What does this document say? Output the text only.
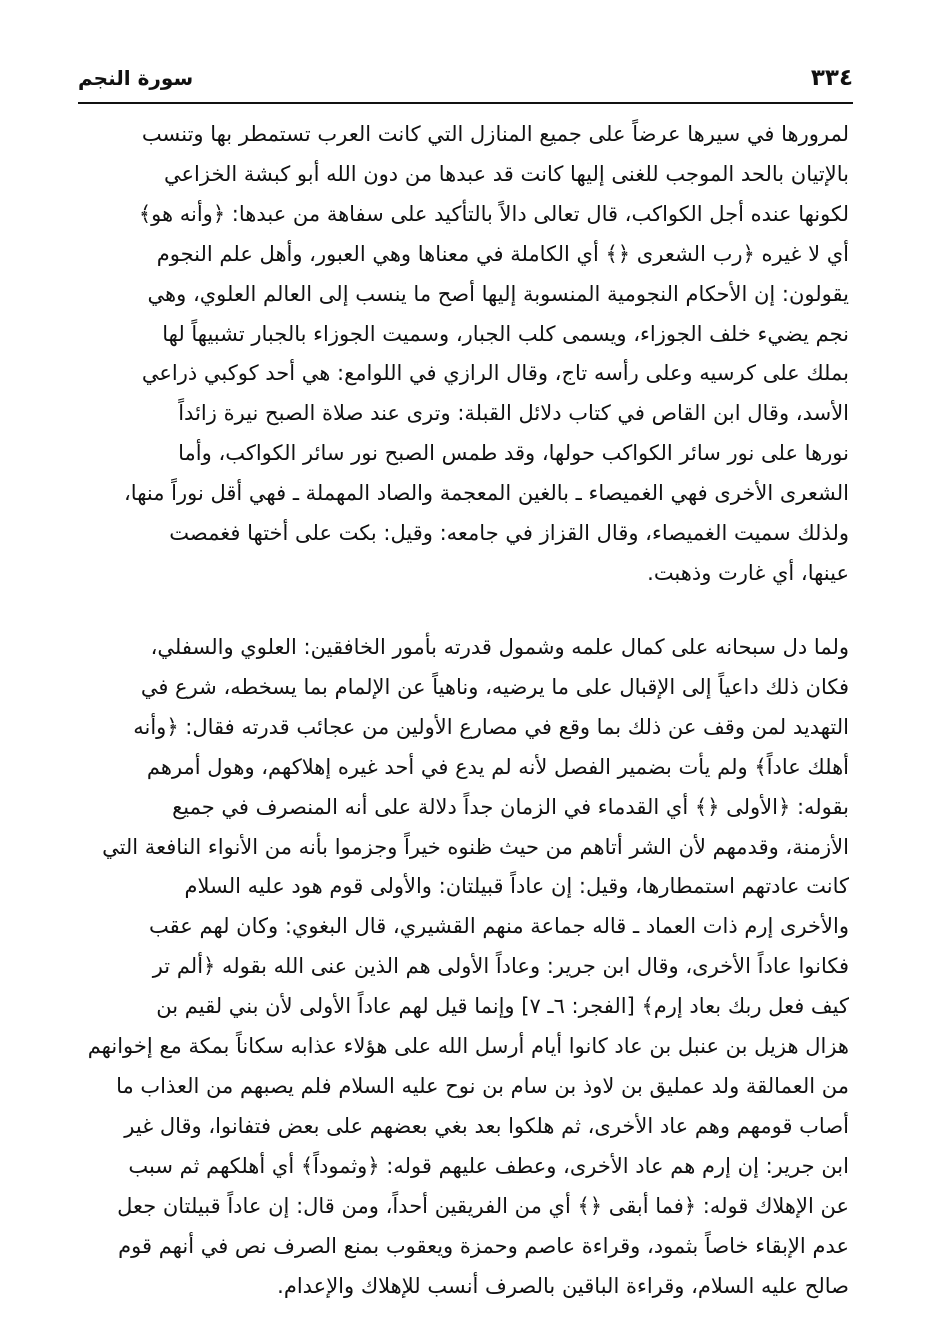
٣٣٤
سورة النجم
لمرورها في سيرها عرضاً على جميع المنازل التي كانت العرب تستمطر بها وتنسب
بالإتيان بالحد الموجب للغنى إليها كانت قد عبدها من دون الله أبو كبشة الخزاعي
لكونها عنده أجل الكواكب، قال تعالى دالاً بالتأكيد على سفاهة من عبدها: ﴿وأنه هو﴾
أي لا غيره ﴿رب الشعرى ﴿﴾ أي الكاملة في معناها وهي العبور، وأهل علم النجوم
يقولون: إن الأحكام النجومية المنسوبة إليها أصح ما ينسب إلى العالم العلوي، وهي
نجم يضيء خلف الجوزاء، ويسمى كلب الجبار، وسميت الجوزاء بالجبار تشبيهاً لها
بملك على كرسيه وعلى رأسه تاج، وقال الرازي في اللوامع: هي أحد كوكبي ذراعي
الأسد، وقال ابن القاص في كتاب دلائل القبلة: وترى عند صلاة الصبح نيرة زائداً
نورها على نور سائر الكواكب حولها، وقد طمس الصبح نور سائر الكواكب، وأما
الشعرى الأخرى فهي الغميصاء ـ بالغين المعجمة والصاد المهملة ـ فهي أقل نوراً منها،
ولذلك سميت الغميصاء، وقال القزاز في جامعه: وقيل: بكت على أختها فغمصت
عينها، أي غارت وذهبت.
ولما دل سبحانه على كمال علمه وشمول قدرته بأمور الخافقين: العلوي والسفلي،
فكان ذلك داعياً إلى الإقبال على ما يرضيه، وناهياً عن الإلمام بما يسخطه، شرع في
التهديد لمن وقف عن ذلك بما وقع في مصارع الأولين من عجائب قدرته فقال: ﴿وأنه
أهلك عاداً﴾ ولم يأت بضمير الفصل لأنه لم يدع في أحد غيره إهلاكهم، وهول أمرهم
بقوله: ﴿الأولى ﴿﴾ أي القدماء في الزمان جداً دلالة على أنه المنصرف في جميع
الأزمنة، وقدمهم لأن الشر أتاهم من حيث ظنوه خيراً وجزموا بأنه من الأنواء النافعة التي
كانت عادتهم استمطارها، وقيل: إن عاداً قبيلتان: والأولى قوم هود عليه السلام
والأخرى إرم ذات العماد ـ قاله جماعة منهم القشيري، قال البغوي: وكان لهم عقب
فكانوا عاداً الأخرى، وقال ابن جرير: وعاداً الأولى هم الذين عنى الله بقوله ﴿ألم تر
كيف فعل ربك بعاد إرم﴾ [الفجر: ٦ـ ٧] وإنما قيل لهم عاداً الأولى لأن بني لقيم بن
هزال هزيل بن عنبل بن عاد كانوا أيام أرسل الله على هؤلاء عذابه سكاناً بمكة مع إخوانهم
من العمالقة ولد عمليق بن لاوذ بن سام بن نوح عليه السلام فلم يصبهم من العذاب ما
أصاب قومهم وهم عاد الأخرى، ثم هلكوا بعد بغي بعضهم على بعض فتفانوا، وقال غير
ابن جرير: إن إرم هم عاد الأخرى، وعطف عليهم قوله: ﴿وثموداً﴾ أي أهلكهم ثم سبب
عن الإهلاك قوله: ﴿فما أبقى ﴿﴾ أي من الفريقين أحداً، ومن قال: إن عاداً قبيلتان جعل
عدم الإبقاء خاصاً بثمود، وقراءة عاصم وحمزة ويعقوب بمنع الصرف نص في أنهم قوم
صالح عليه السلام، وقراءة الباقين بالصرف أنسب للإهلاك والإعدام.
